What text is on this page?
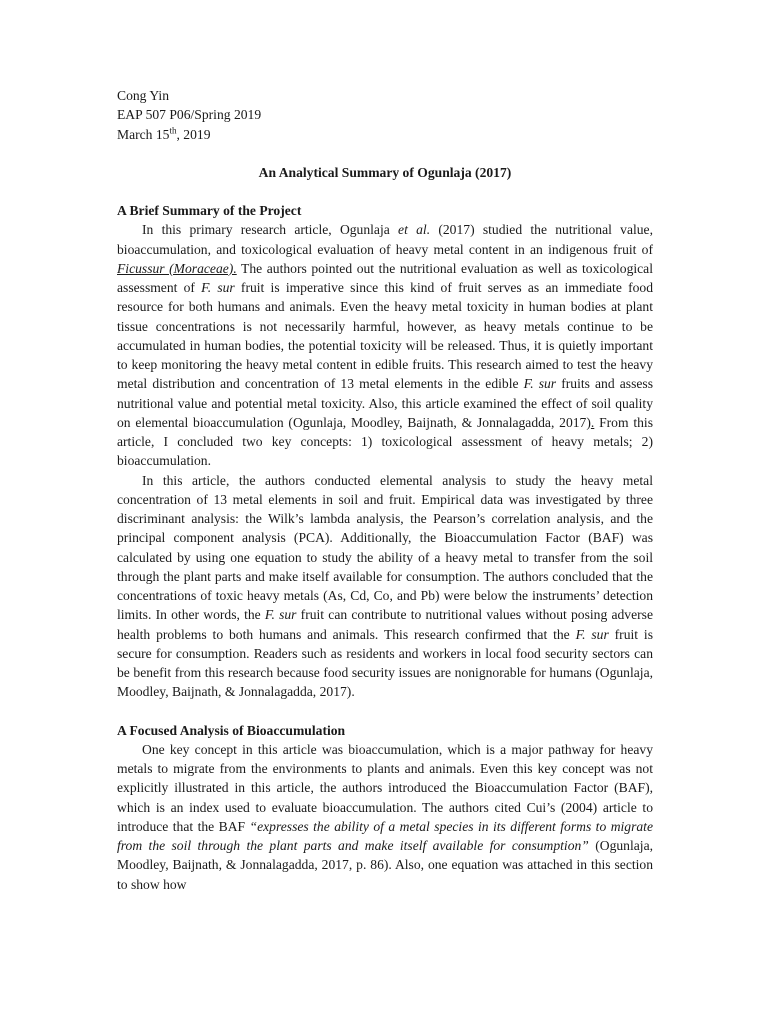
Cong Yin
EAP 507 P06/Spring 2019
March 15th, 2019
An Analytical Summary of Ogunlaja (2017)
A Brief Summary of the Project

In this primary research article, Ogunlaja et al. (2017) studied the nutritional value, bioaccumulation, and toxicological evaluation of heavy metal content in an indigenous fruit of Ficussur (Moraceae). The authors pointed out the nutritional evaluation as well as toxicological assessment of F. sur fruit is imperative since this kind of fruit serves as an immediate food resource for both humans and animals. Even the heavy metal toxicity in human bodies at plant tissue concentrations is not necessarily harmful, however, as heavy metals continue to be accumulated in human bodies, the potential toxicity will be released. Thus, it is quietly important to keep monitoring the heavy metal content in edible fruits. This research aimed to test the heavy metal distribution and concentration of 13 metal elements in the edible F. sur fruits and assess nutritional value and potential metal toxicity. Also, this article examined the effect of soil quality on elemental bioaccumulation (Ogunlaja, Moodley, Baijnath, & Jonnalagadda, 2017). From this article, I concluded two key concepts: 1) toxicological assessment of heavy metals; 2) bioaccumulation.

In this article, the authors conducted elemental analysis to study the heavy metal concentration of 13 metal elements in soil and fruit. Empirical data was investigated by three discriminant analysis: the Wilk’s lambda analysis, the Pearson’s correlation analysis, and the principal component analysis (PCA). Additionally, the Bioaccumulation Factor (BAF) was calculated by using one equation to study the ability of a heavy metal to transfer from the soil through the plant parts and make itself available for consumption. The authors concluded that the concentrations of toxic heavy metals (As, Cd, Co, and Pb) were below the instruments’ detection limits. In other words, the F. sur fruit can contribute to nutritional values without posing adverse health problems to both humans and animals. This research confirmed that the F. sur fruit is secure for consumption. Readers such as residents and workers in local food security sectors can be benefit from this research because food security issues are nonignorable for humans (Ogunlaja, Moodley, Baijnath, & Jonnalagadda, 2017).

A Focused Analysis of Bioaccumulation

One key concept in this article was bioaccumulation, which is a major pathway for heavy metals to migrate from the environments to plants and animals. Even this key concept was not explicitly illustrated in this article, the authors introduced the Bioaccumulation Factor (BAF), which is an index used to evaluate bioaccumulation. The authors cited Cui’s (2004) article to introduce that the BAF “expresses the ability of a metal species in its different forms to migrate from the soil through the plant parts and make itself available for consumption” (Ogunlaja, Moodley, Baijnath, & Jonnalagadda, 2017, p. 86). Also, one equation was attached in this section to show how
